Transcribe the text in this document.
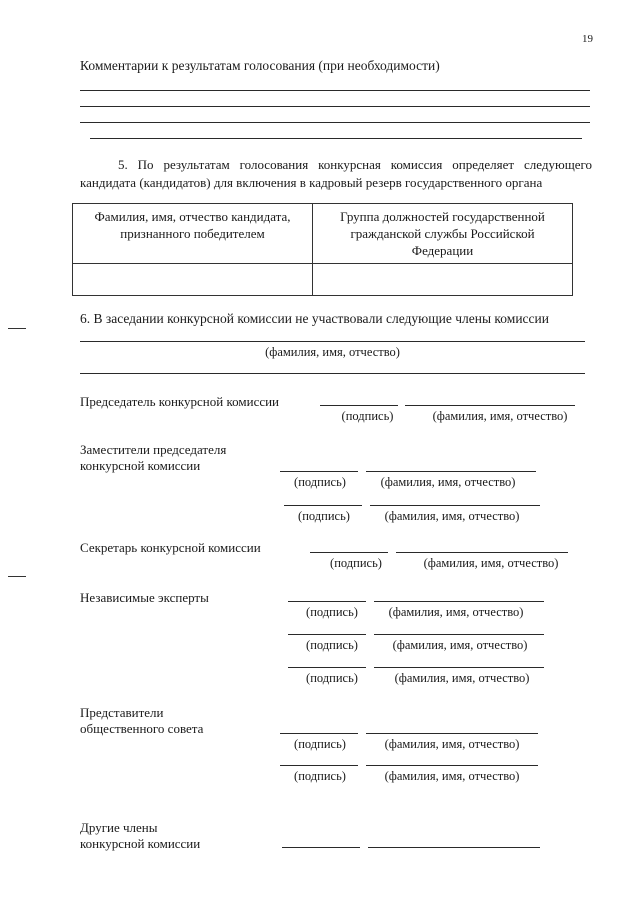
19
Комментарии к результатам голосования (при необходимости)
5. По результатам голосования конкурсная комиссия определяет следующего кандидата (кандидатов) для включения в кадровый резерв государственного органа
Фамилия, имя, отчество кандидата, признанного победителем	Группа должностей государственной гражданской службы Российской Федерации

6. В заседании конкурсной комиссии не участвовали следующие члены комиссии
(фамилия, имя, отчество)
Председатель конкурсной комиссии
(подпись)	(фамилия, имя, отчество)
Заместители председателя
конкурсной комиссии
(подпись)	(фамилия, имя, отчество)
(подпись)	(фамилия, имя, отчество)
Секретарь конкурсной комиссии
(подпись)	(фамилия, имя, отчество)
Независимые эксперты
(подпись)	(фамилия, имя, отчество)
(подпись)	(фамилия, имя, отчество)
(подпись)	(фамилия, имя, отчество)
Представители
общественного совета
(подпись)	(фамилия, имя, отчество)
(подпись)	(фамилия, имя, отчество)
Другие члены
конкурсной комиссии
